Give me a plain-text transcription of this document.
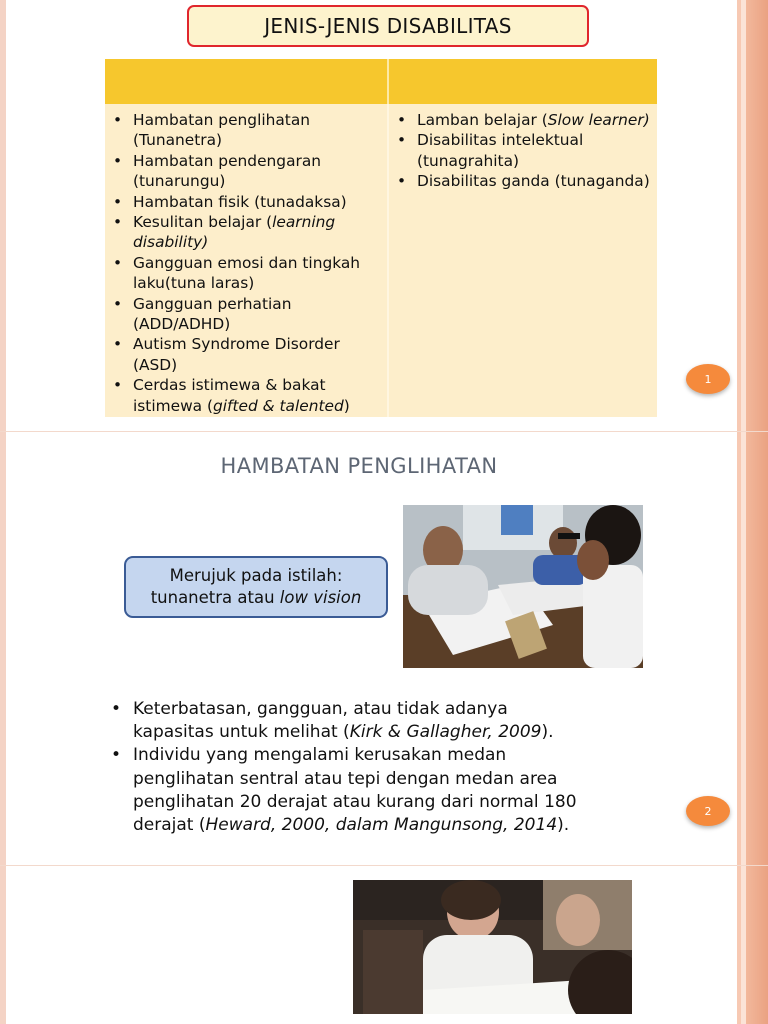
JENIS-JENIS DISABILITAS
• Hambatan penglihatan (Tunanetra)
• Hambatan pendengaran (tunarungu)
• Hambatan fisik (tunadaksa)
• Kesulitan belajar (learning disability)
• Gangguan emosi dan tingkah laku(tuna laras)
• Gangguan perhatian (ADD/ADHD)
• Autism Syndrome Disorder (ASD)
• Cerdas istimewa & bakat istimewa (gifted & talented)
• Lamban belajar (Slow learner)
• Disabilitas intelektual (tunagrahita)
• Disabilitas ganda (tunaganda)
1
HAMBATAN PENGLIHATAN
Merujuk pada istilah:
tunanetra atau low vision
• Keterbatasan, gangguan, atau tidak adanya kapasitas untuk melihat (Kirk & Gallagher, 2009).
• Individu yang mengalami kerusakan medan penglihatan sentral atau tepi dengan medan area penglihatan 20 derajat atau kurang dari normal 180 derajat (Heward, 2000, dalam Mangunsong, 2014).
2
